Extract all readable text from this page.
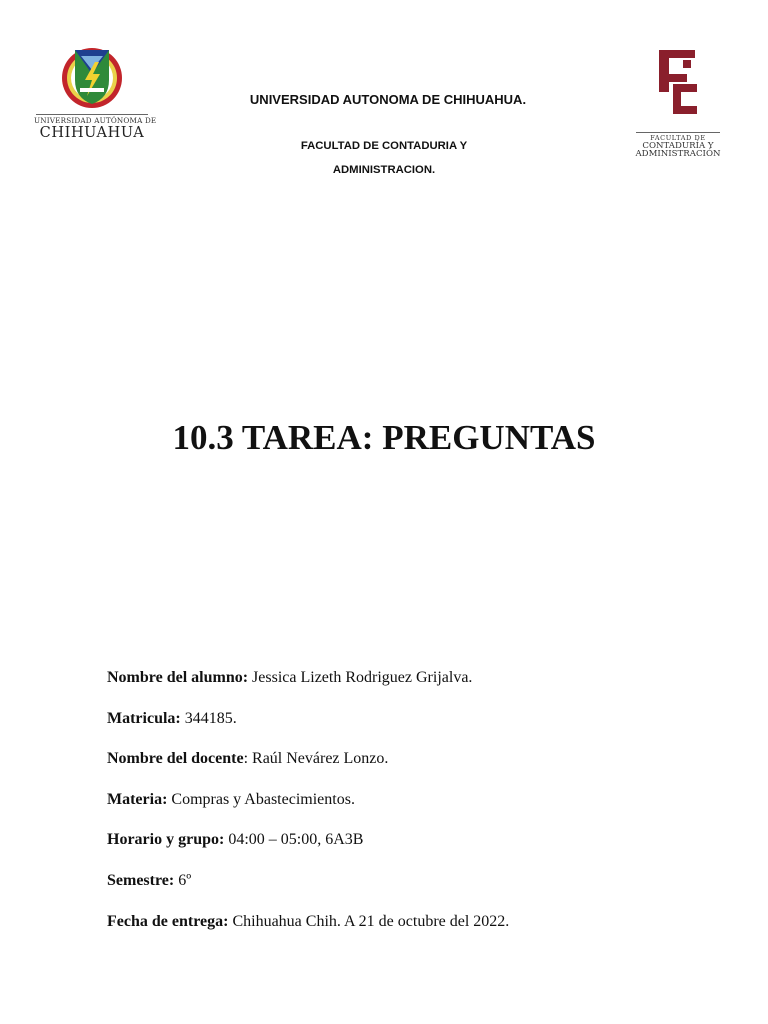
UNIVERSIDAD AUTÓNOMA DE
CHIHUAHUA	FACULTAD DE
CONTADURÍA Y
ADMINISTRACIÓN
UNIVERSIDAD AUTONOMA DE CHIHUAHUA.
FACULTAD DE CONTADURIA Y
ADMINISTRACION.
10.3 TAREA: PREGUNTAS
Nombre del alumno: Jessica Lizeth Rodriguez Grijalva.
Matricula: 344185.
Nombre del docente: Raúl Nevárez Lonzo.
Materia: Compras y Abastecimientos.
Horario y grupo: 04:00 – 05:00, 6A3B
Semestre: 6º
Fecha de entrega: Chihuahua Chih. A 21 de octubre del 2022.
